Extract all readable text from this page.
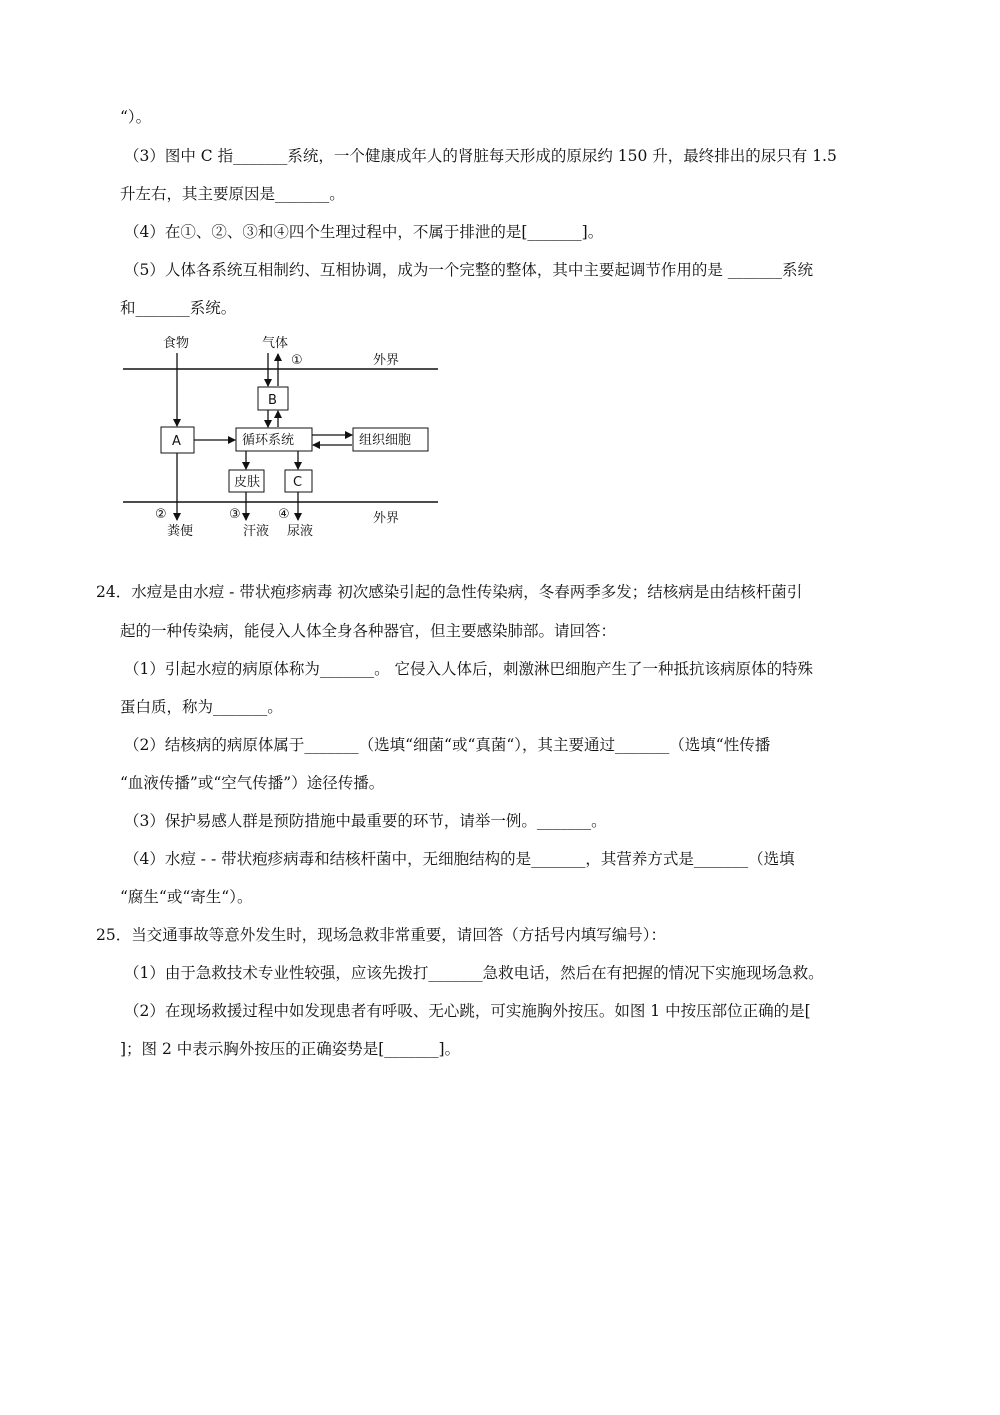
“）。
（3）图中 C 指_______系统，一个健康成年人的肾脏每天形成的原尿约 150 升，最终排出的尿只有 1.5
升左右，其主要原因是_______。
（4）在①、②、③和④四个生理过程中，不属于排泄的是[_______]。
（5）人体各系统互相制约、互相协调，成为一个完整的整体，其中主要起调节作用的是 _______系统
和_______系统。
食物	气体
外界
①
A
B
循环系统	组织细胞
皮肤	C
②	③	④	外界
粪便	汗液 尿液
24．水痘是由水痘 - 带状疱疹病毒 初次感染引起的急性传染病，冬春两季多发；结核病是由结核杆菌引
起的一种传染病，能侵入人体全身各种器官，但主要感染肺部。请回答：
（1）引起水痘的病原体称为_______。 它侵入人体后，刺激淋巴细胞产生了一种抵抗该病原体的特殊
蛋白质，称为_______。
（2）结核病的病原体属于_______（选填“细菌“或“真菌“），其主要通过_______（选填“性传播
“血液传播”或“空气传播”）途径传播。
（3）保护易感人群是预防措施中最重要的环节，请举一例。_______。
（4）水痘 - - 带状疱疹病毒和结核杆菌中，无细胞结构的是_______，其营养方式是_______（选填
“腐生“或“寄生“）。
25．当交通事故等意外发生时，现场急救非常重要，请回答（方括号内填写编号）：
（1）由于急救技术专业性较强，应该先拨打_______急救电话，然后在有把握的情况下实施现场急救。
（2）在现场救援过程中如发现患者有呼吸、无心跳，可实施胸外按压。如图 1 中按压部位正确的是[
]；图 2 中表示胸外按压的正确姿势是[_______]。
